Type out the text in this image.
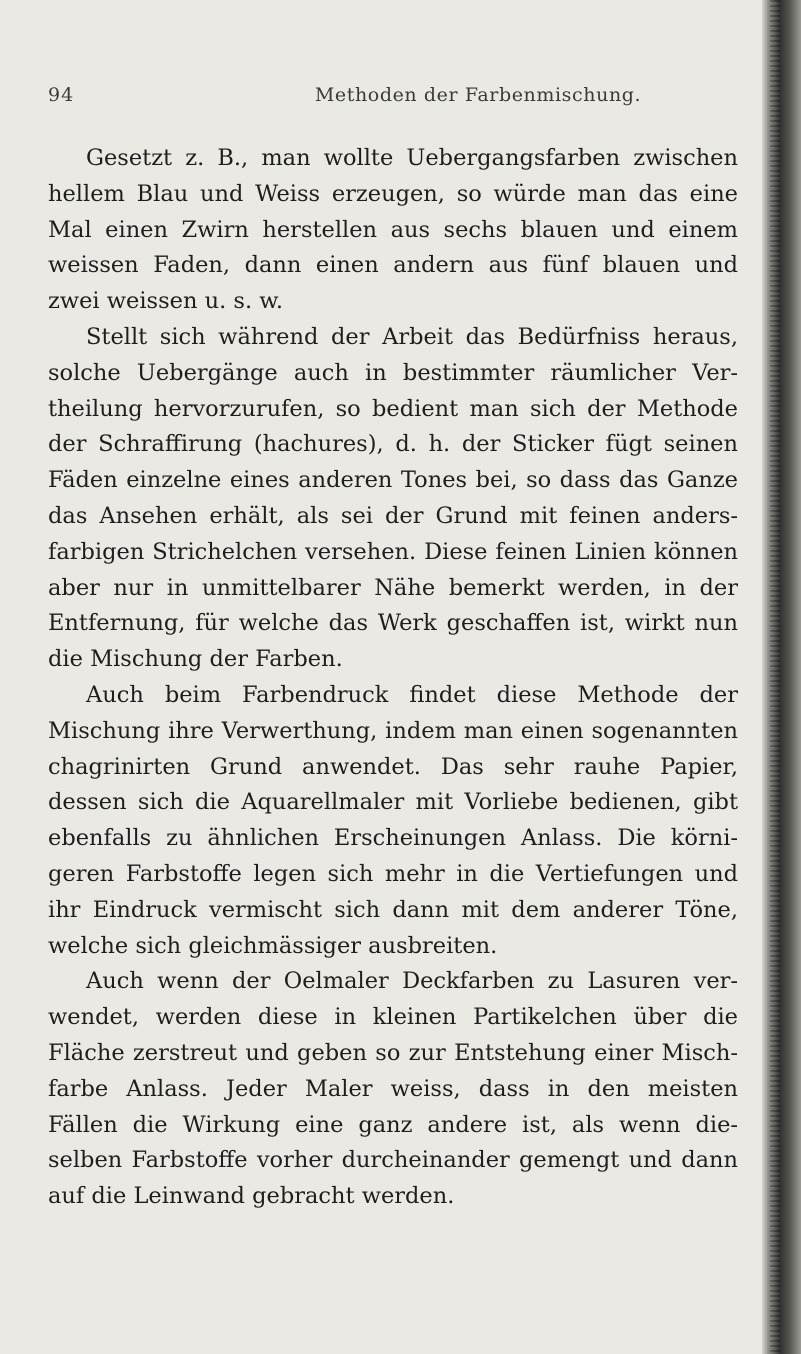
94	Methoden der Farbenmischung.
Gesetzt z. B., man wollte Uebergangsfarben zwischen
hellem Blau und Weiss erzeugen, so würde man das eine
Mal einen Zwirn herstellen aus sechs blauen und einem
weissen Faden, dann einen andern aus fünf blauen und
zwei weissen u. s. w.
Stellt sich während der Arbeit das Bedürfniss heraus,
solche Uebergänge auch in bestimmter räumlicher Ver-
theilung hervorzurufen, so bedient man sich der Methode
der Schraffirung (hachures), d. h. der Sticker fügt seinen
Fäden einzelne eines anderen Tones bei, so dass das Ganze
das Ansehen erhält, als sei der Grund mit feinen anders-
farbigen Strichelchen versehen. Diese feinen Linien können
aber nur in unmittelbarer Nähe bemerkt werden, in der
Entfernung, für welche das Werk geschaffen ist, wirkt nun
die Mischung der Farben.
Auch beim Farbendruck findet diese Methode der
Mischung ihre Verwerthung, indem man einen sogenannten
chagrinirten Grund anwendet. Das sehr rauhe Papier,
dessen sich die Aquarellmaler mit Vorliebe bedienen, gibt
ebenfalls zu ähnlichen Erscheinungen Anlass. Die körni-
geren Farbstoffe legen sich mehr in die Vertiefungen und
ihr Eindruck vermischt sich dann mit dem anderer Töne,
welche sich gleichmässiger ausbreiten.
Auch wenn der Oelmaler Deckfarben zu Lasuren ver-
wendet, werden diese in kleinen Partikelchen über die
Fläche zerstreut und geben so zur Entstehung einer Misch-
farbe Anlass. Jeder Maler weiss, dass in den meisten
Fällen die Wirkung eine ganz andere ist, als wenn die-
selben Farbstoffe vorher durcheinander gemengt und dann
auf die Leinwand gebracht werden.
